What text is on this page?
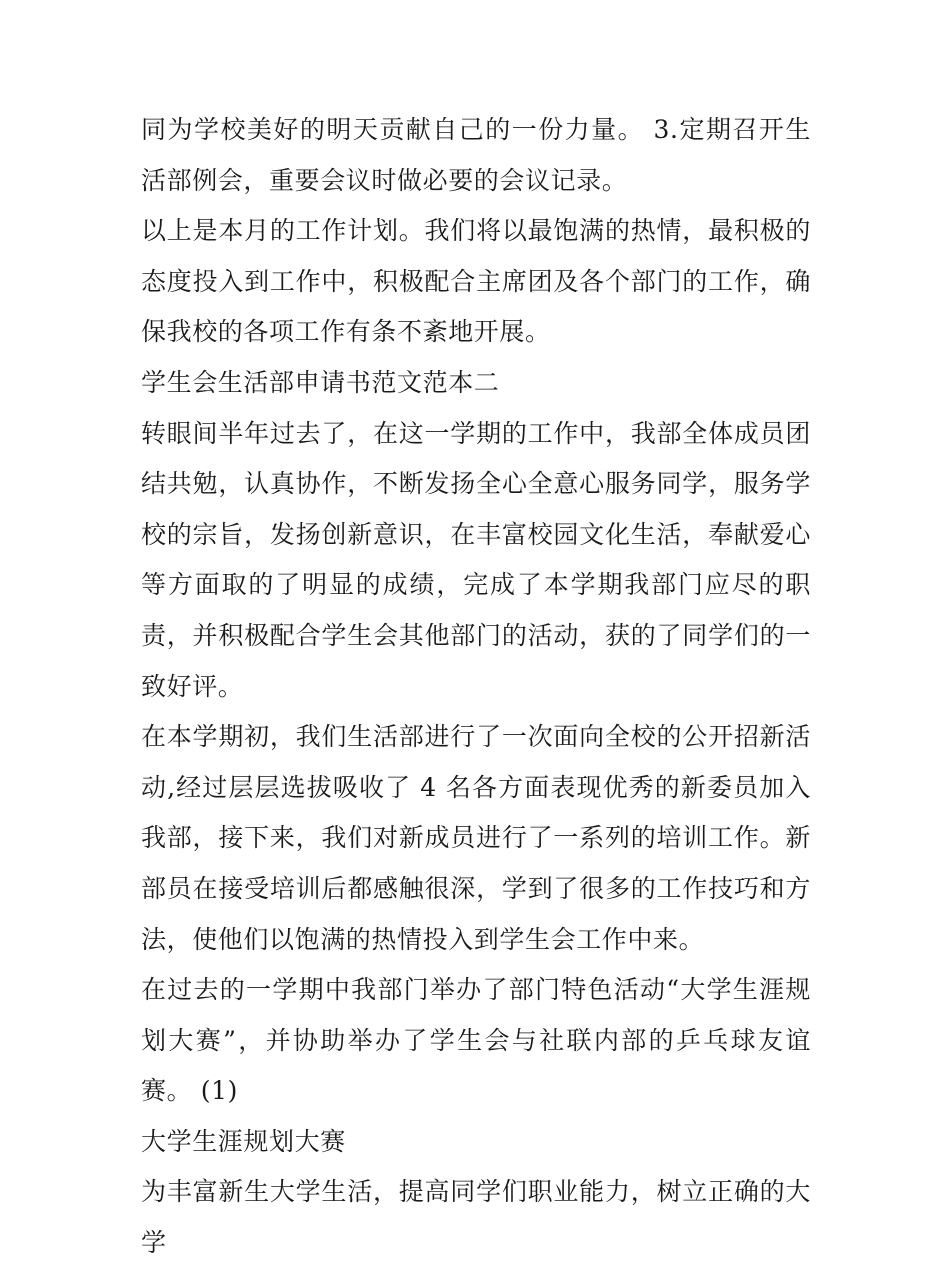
同为学校美好的明天贡献自己的一份力量。 3.定期召开生活部例会，重要会议时做必要的会议记录。

以上是本月的工作计划。我们将以最饱满的热情，最积极的态度投入到工作中，积极配合主席团及各个部门的工作，确保我校的各项工作有条不紊地开展。

学生会生活部申请书范文范本二

转眼间半年过去了，在这一学期的工作中，我部全体成员团结共勉，认真协作，不断发扬全心全意心服务同学，服务学校的宗旨，发扬创新意识，在丰富校园文化生活，奉献爱心等方面取的了明显的成绩，完成了本学期我部门应尽的职责，并积极配合学生会其他部门的活动，获的了同学们的一致好评。

在本学期初，我们生活部进行了一次面向全校的公开招新活动,经过层层选拔吸收了 4 名各方面表现优秀的新委员加入我部，接下来，我们对新成员进行了一系列的培训工作。新部员在接受培训后都感触很深，学到了很多的工作技巧和方法，使他们以饱满的热情投入到学生会工作中来。

在过去的一学期中我部门举办了部门特色活动“大学生涯规划大赛”，并协助举办了学生会与社联内部的乒乓球友谊赛。 (1)

大学生涯规划大赛

为丰富新生大学生活，提高同学们职业能力，树立正确的大学
